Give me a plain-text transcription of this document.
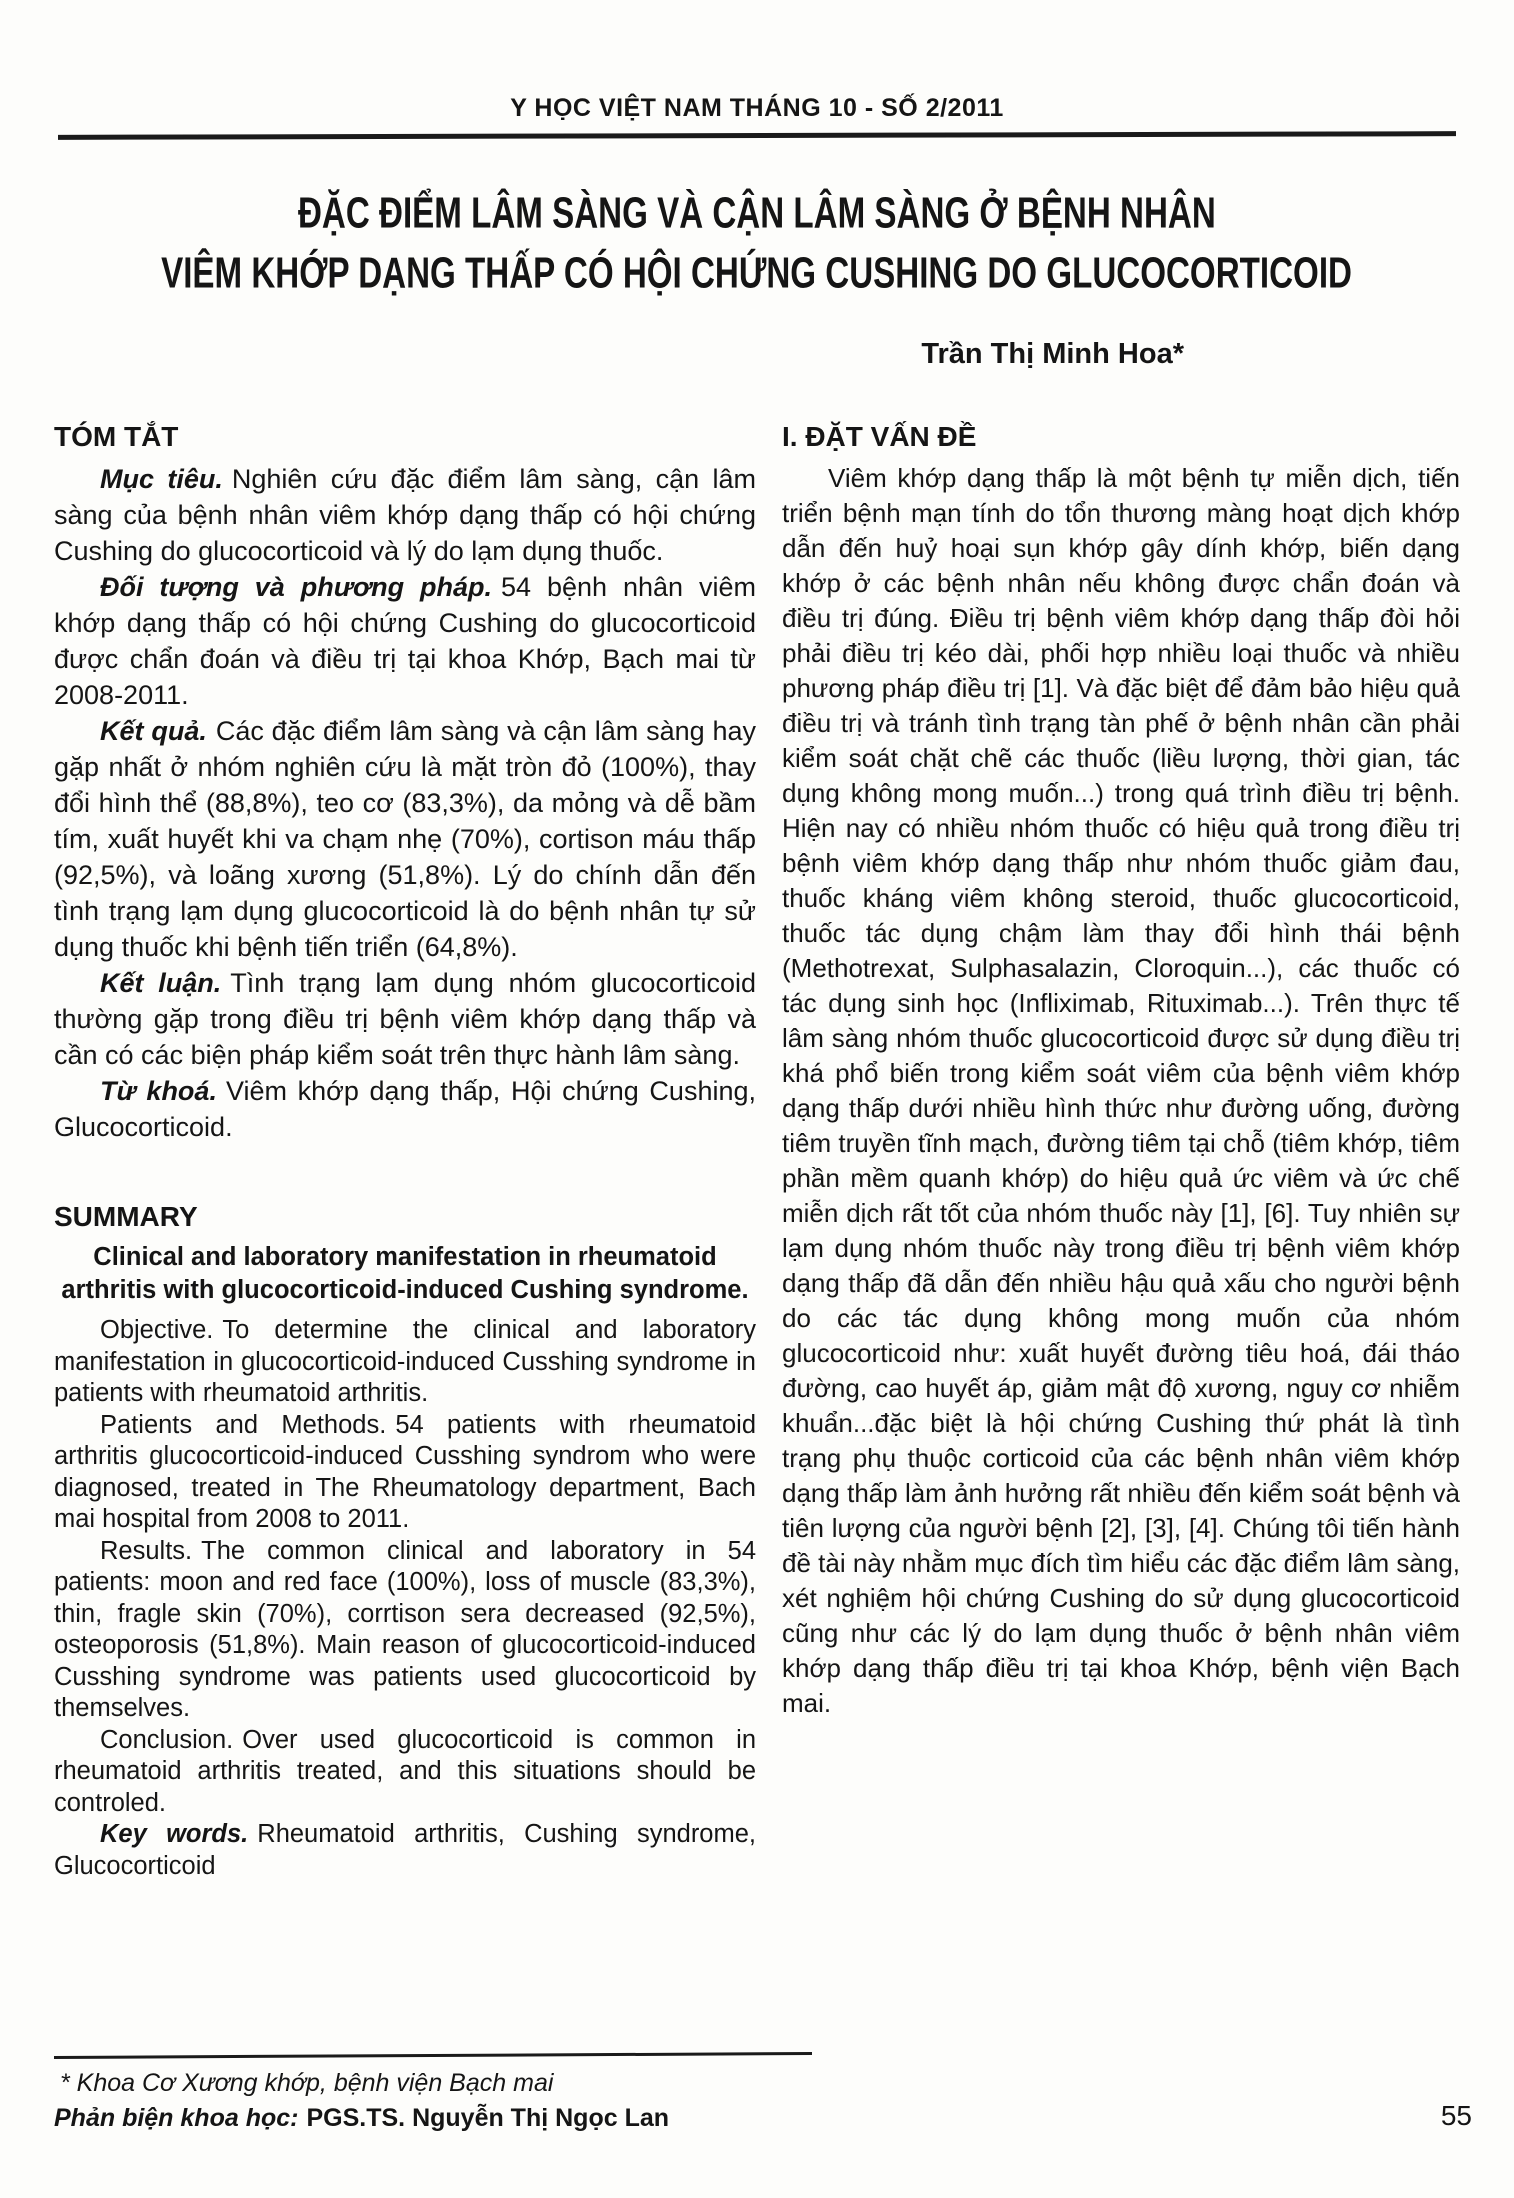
Y HỌC VIỆT NAM THÁNG 10 - SỐ 2/2011
ĐẶC ĐIỂM LÂM SÀNG VÀ CẬN LÂM SÀNG Ở BỆNH NHÂN
VIÊM KHỚP DẠNG THẤP CÓ HỘI CHỨNG CUSHING DO GLUCOCORTICOID
Trần Thị Minh Hoa*
TÓM TẮT

Mục tiêu. Nghiên cứu đặc điểm lâm sàng, cận lâm sàng của bệnh nhân viêm khớp dạng thấp có hội chứng Cushing do glucocorticoid và lý do lạm dụng thuốc.

Đối tượng và phương pháp. 54 bệnh nhân viêm khớp dạng thấp có hội chứng Cushing do glucocorticoid được chẩn đoán và điều trị tại khoa Khớp, Bạch mai từ 2008-2011.

Kết quả. Các đặc điểm lâm sàng và cận lâm sàng hay gặp nhất ở nhóm nghiên cứu là mặt tròn đỏ (100%), thay đổi hình thể (88,8%), teo cơ (83,3%), da mỏng và dễ bầm tím, xuất huyết khi va chạm nhẹ (70%), cortison máu thấp (92,5%), và loãng xương (51,8%). Lý do chính dẫn đến tình trạng lạm dụng glucocorticoid là do bệnh nhân tự sử dụng thuốc khi bệnh tiến triển (64,8%).

Kết luận. Tình trạng lạm dụng nhóm glucocorticoid thường gặp trong điều trị bệnh viêm khớp dạng thấp và cần có các biện pháp kiểm soát trên thực hành lâm sàng.

Từ khoá. Viêm khớp dạng thấp, Hội chứng Cushing, Glucocorticoid.

SUMMARY

Clinical and laboratory manifestation in rheumatoid arthritis with glucocorticoid-induced Cushing syndrome.

Objective. To determine the clinical and laboratory manifestation in glucocorticoid-induced Cusshing syndrome in patients with rheumatoid arthritis.

Patients and Methods. 54 patients with rheumatoid arthritis glucocorticoid-induced Cusshing syndrom who were diagnosed, treated in The Rheumatology department, Bach mai hospital from 2008 to 2011.

Results. The common clinical and laboratory in 54 patients: moon and red face (100%), loss of muscle (83,3%), thin, fragle skin (70%), corrtison sera decreased (92,5%), osteoporosis (51,8%). Main reason of glucocorticoid-induced Cusshing syndrome was patients used glucocorticoid by themselves.

Conclusion. Over used glucocorticoid is common in rheumatoid arthritis treated, and this situations should be controled.

Key words. Rheumatoid arthritis, Cushing syndrome, Glucocorticoid

I. ĐẶT VẤN ĐỀ

Viêm khớp dạng thấp là một bệnh tự miễn dịch, tiến triển bệnh mạn tính do tổn thương màng hoạt dịch khớp dẫn đến huỷ hoại sụn khớp gây dính khớp, biến dạng khớp ở các bệnh nhân nếu không được chẩn đoán và điều trị đúng. Điều trị bệnh viêm khớp dạng thấp đòi hỏi phải điều trị kéo dài, phối hợp nhiều loại thuốc và nhiều phương pháp điều trị [1]. Và đặc biệt để đảm bảo hiệu quả điều trị và tránh tình trạng tàn phế ở bệnh nhân cần phải kiểm soát chặt chẽ các thuốc (liều lượng, thời gian, tác dụng không mong muốn...) trong quá trình điều trị bệnh. Hiện nay có nhiều nhóm thuốc có hiệu quả trong điều trị bệnh viêm khớp dạng thấp như nhóm thuốc giảm đau, thuốc kháng viêm không steroid, thuốc glucocorticoid, thuốc tác dụng chậm làm thay đổi hình thái bệnh (Methotrexat, Sulphasalazin, Cloroquin...), các thuốc có tác dụng sinh học (Infliximab, Rituximab...). Trên thực tế lâm sàng nhóm thuốc glucocorticoid được sử dụng điều trị khá phổ biến trong kiểm soát viêm của bệnh viêm khớp dạng thấp dưới nhiều hình thức như đường uống, đường tiêm truyền tĩnh mạch, đường tiêm tại chỗ (tiêm khớp, tiêm phần mềm quanh khớp) do hiệu quả ức viêm và ức chế miễn dịch rất tốt của nhóm thuốc này [1], [6]. Tuy nhiên sự lạm dụng nhóm thuốc này trong điều trị bệnh viêm khớp dạng thấp đã dẫn đến nhiều hậu quả xấu cho người bệnh do các tác dụng không mong muốn của nhóm glucocorticoid như: xuất huyết đường tiêu hoá, đái tháo đường, cao huyết áp, giảm mật độ xương, nguy cơ nhiễm khuẩn...đặc biệt là hội chứng Cushing thứ phát là tình trạng phụ thuộc corticoid của các bệnh nhân viêm khớp dạng thấp làm ảnh hưởng rất nhiều đến kiểm soát bệnh và tiên lượng của người bệnh [2], [3], [4]. Chúng tôi tiến hành đề tài này nhằm mục đích tìm hiểu các đặc điểm lâm sàng, xét nghiệm hội chứng Cushing do sử dụng glucocorticoid cũng như các lý do lạm dụng thuốc ở bệnh nhân viêm khớp dạng thấp điều trị tại khoa Khớp, bệnh viện Bạch mai.

* Khoa Cơ Xương khớp, bệnh viện Bạch mai
Phản biện khoa học: PGS.TS. Nguyễn Thị Ngọc Lan	55
